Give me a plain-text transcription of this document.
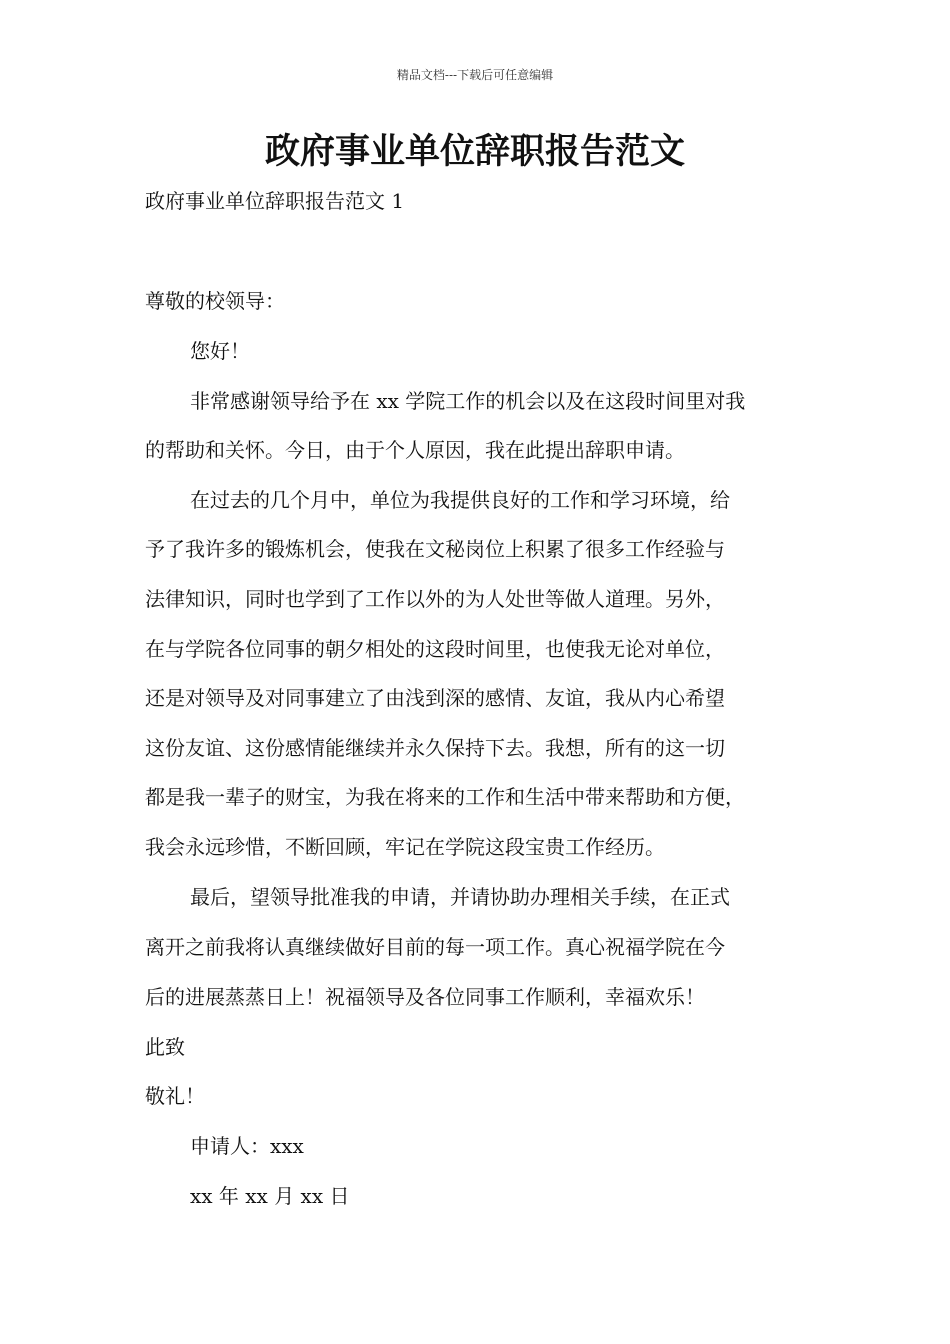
精品文档---下载后可任意编辑
政府事业单位辞职报告范文
政府事业单位辞职报告范文 1
尊敬的校领导：
您好！
非常感谢领导给予在 xx 学院工作的机会以及在这段时间里对我
的帮助和关怀。今日，由于个人原因，我在此提出辞职申请。
在过去的几个月中，单位为我提供良好的工作和学习环境，给
予了我许多的锻炼机会，使我在文秘岗位上积累了很多工作经验与
法律知识，同时也学到了工作以外的为人处世等做人道理。另外，
在与学院各位同事的朝夕相处的这段时间里，也使我无论对单位，
还是对领导及对同事建立了由浅到深的感情、友谊，我从内心希望
这份友谊、这份感情能继续并永久保持下去。我想，所有的这一切
都是我一辈子的财宝，为我在将来的工作和生活中带来帮助和方便，
我会永远珍惜，不断回顾，牢记在学院这段宝贵工作经历。
最后，望领导批准我的申请，并请协助办理相关手续，在正式
离开之前我将认真继续做好目前的每一项工作。真心祝福学院在今
后的进展蒸蒸日上！祝福领导及各位同事工作顺利，幸福欢乐！
此致
敬礼！
申请人：xxx
xx 年 xx 月 xx 日
